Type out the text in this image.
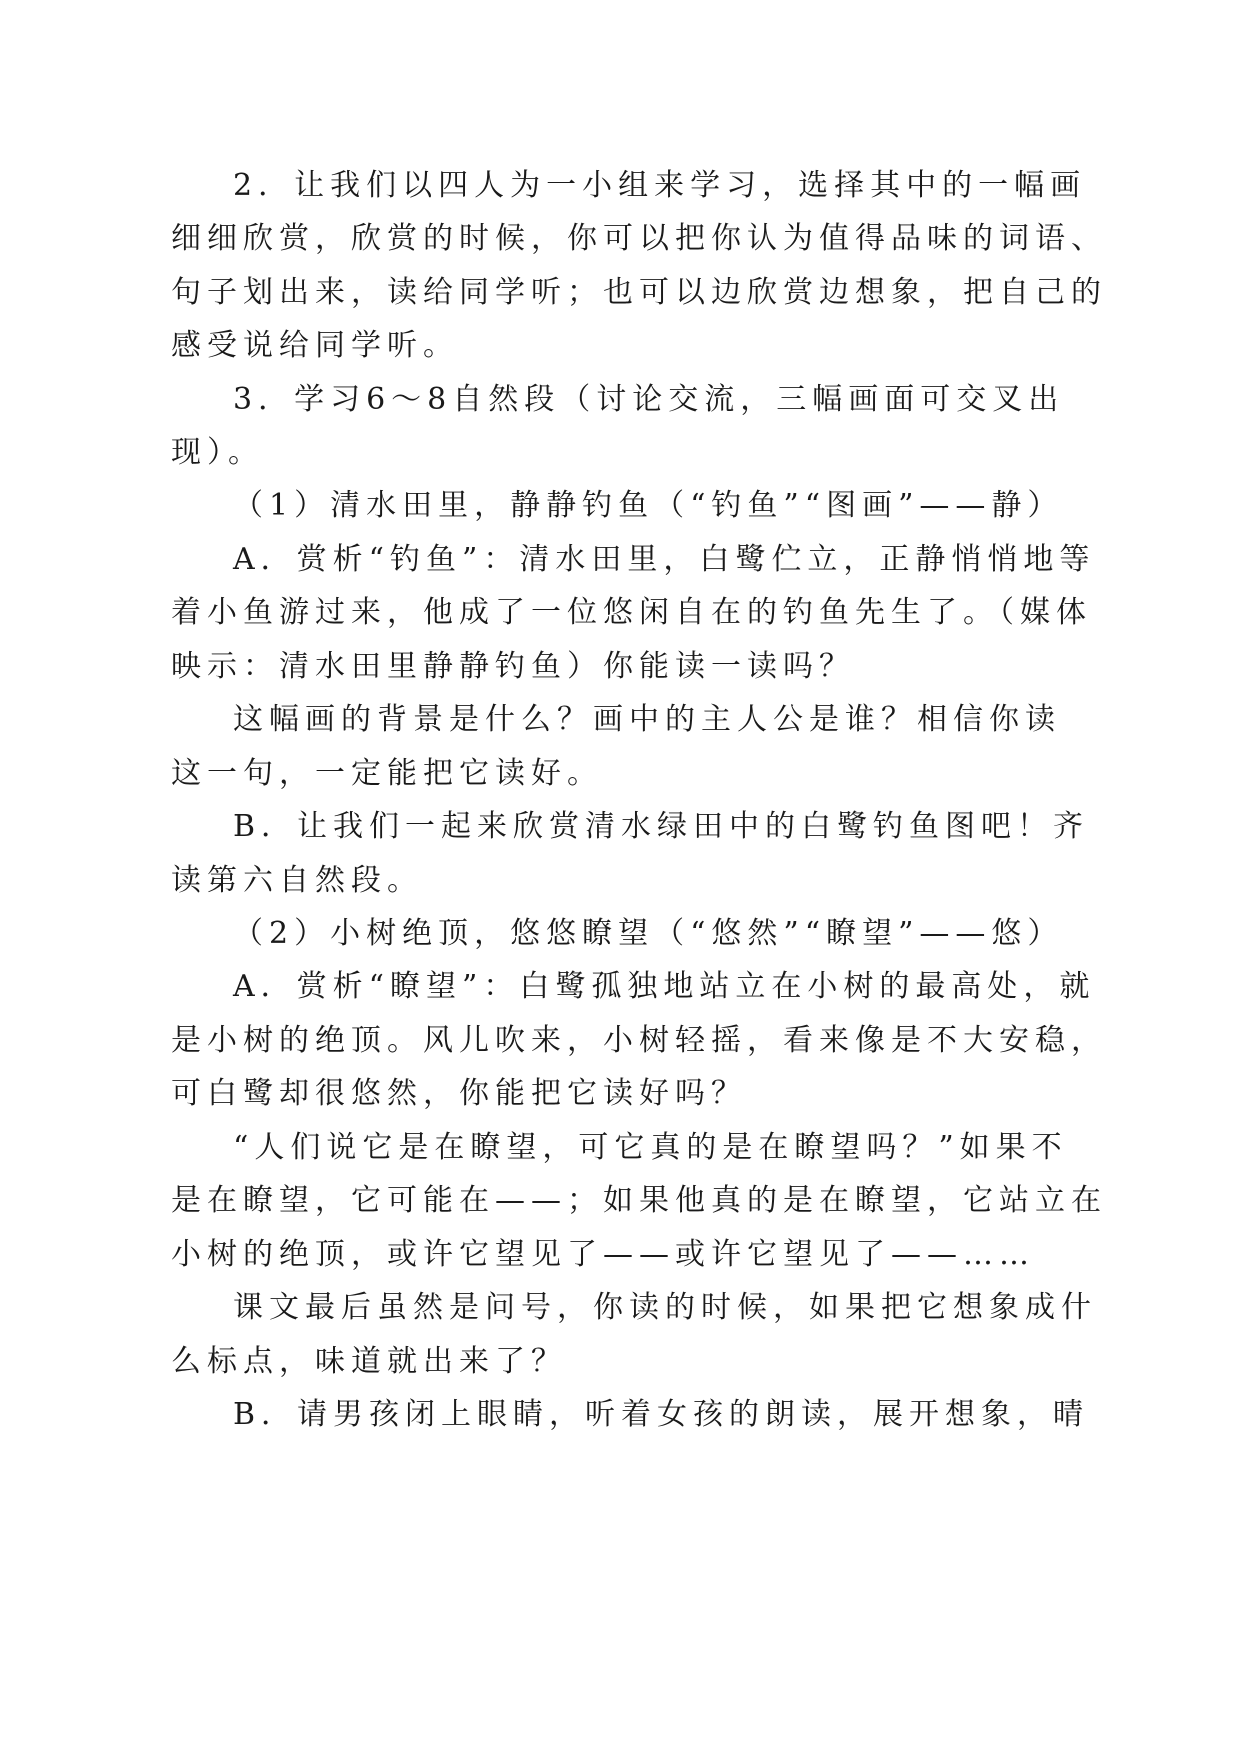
2．让我们以四人为一小组来学习，选择其中的一幅画

细细欣赏，欣赏的时候，你可以把你认为值得品味的词语、

句子划出来，读给同学听；也可以边欣赏边想象，把自己的

感受说给同学听。

3．学习6～8自然段（讨论交流，三幅画面可交叉出

现）。

（1）清水田里，静静钓鱼（“钓鱼”“图画”——静）

A．赏析“钓鱼”：清水田里，白鹭伫立，正静悄悄地等

着小鱼游过来，他成了一位悠闲自在的钓鱼先生了。（媒体

映示：清水田里静静钓鱼）你能读一读吗？

这幅画的背景是什么？画中的主人公是谁？相信你读

这一句，一定能把它读好。

B．让我们一起来欣赏清水绿田中的白鹭钓鱼图吧！齐

读第六自然段。

（2）小树绝顶，悠悠瞭望（“悠然”“瞭望”——悠）

A．赏析“瞭望”：白鹭孤独地站立在小树的最高处，就

是小树的绝顶。风儿吹来，小树轻摇，看来像是不大安稳，

可白鹭却很悠然，你能把它读好吗？

“人们说它是在瞭望，可它真的是在瞭望吗？”如果不

是在瞭望，它可能在——；如果他真的是在瞭望，它站立在

小树的绝顶，或许它望见了——或许它望见了——……

课文最后虽然是问号，你读的时候，如果把它想象成什

么标点，味道就出来了？

B．请男孩闭上眼睛，听着女孩的朗读，展开想象，晴
